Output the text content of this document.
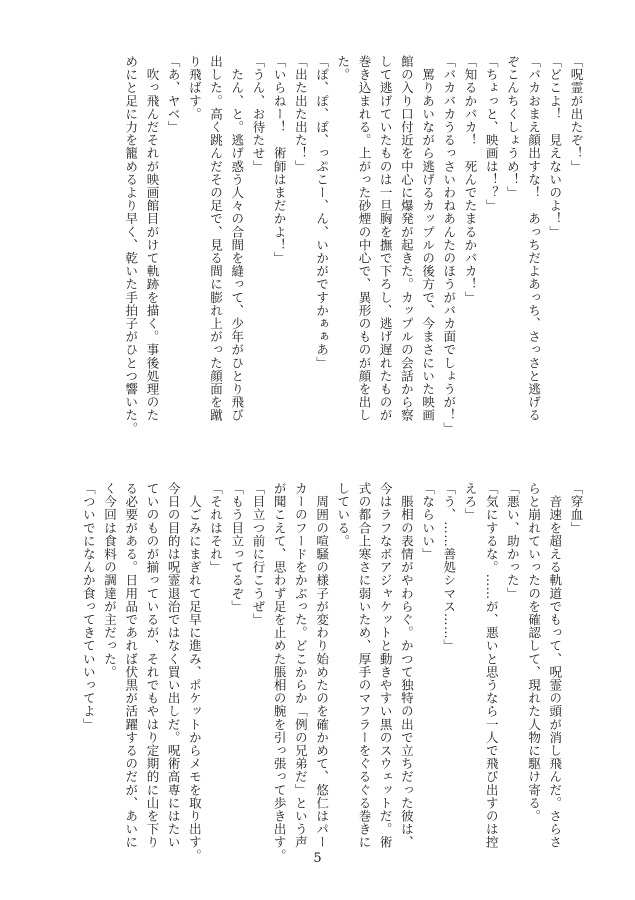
「呪霊が出たぞ！」
「どこよ！　見えないのよ！」
「バカおまえ顔出すな！　あっちだよあっち、さっさと逃げる
ぞこんちくしょうめ！」
「ちょっと、映画は！？」
「知るかバカ！　死んでたまるかバカ！」
「バカバカうるっさいわねあんたのほうがバカ面でしょうが！」
　罵りあいながら逃げるカップルの後方で、今まさにいた映画
館の入り口付近を中心に爆発が起きた。カップルの会話から察
して逃げていたものは一旦胸を撫で下ろし、逃げ遅れたものが
巻き込まれる。上がった砂煙の中心で、異形のものが顔を出し
た。
「ぽ、ぽ、ぽ、っぷこー、ん、いかがですかぁぁあ」
「出た出た出た！」
「いらねー！　術師はまだかよ！」
「うん、お待たせ」
　たん、と。逃げ惑う人々の合間を縫って、少年がひとり飛び
出した。高く跳んだその足で、見る間に膨れ上がった顔面を蹴
り飛ばす。
「あ、ヤベ」
　吹っ飛んだそれが映画館目がけて軌跡を描く。事後処理のた
めにと足に力を籠めるより早く、乾いた手拍子がひとつ響いた。
「穿血」
　音速を超える軌道でもって、呪霊の頭が消し飛んだ。さらさ
らと崩れていったのを確認して、現れた人物に駆け寄る。
「悪い、助かった」
「気にするな。……が、悪いと思うなら一人で飛び出すのは控
えろ」
「う、……善処シマス……」
「ならいい」
　脹相の表情がやわらぐ。かつて独特の出で立ちだった彼は、
今はラフなボアジャケットと動きやすい黒のスウェットだ。術
式の都合上寒さに弱いため、厚手のマフラーをぐるぐる巻きに
している。
　周囲の喧騒の様子が変わり始めたのを確かめて、悠仁はパー
カーのフードをかぶった。どこからか「例の兄弟だ」という声
が聞こえて、思わず足を止めた脹相の腕を引っ張って歩き出す。
「目立つ前に行こうぜ」
「もう目立ってるぞ」
「それはそれ」
　人ごみにまぎれて足早に進み、ポケットからメモを取り出す。
今日の目的は呪霊退治ではなく買い出しだ。呪術高専にはたい
ていのものが揃っているが、それでもやはり定期的に山を下り
る必要がある。日用品であれば伏黒が活躍するのだが、あいに
く今回は食料の調達が主だった。
「ついでになんか食ってきていいってよ」
5
